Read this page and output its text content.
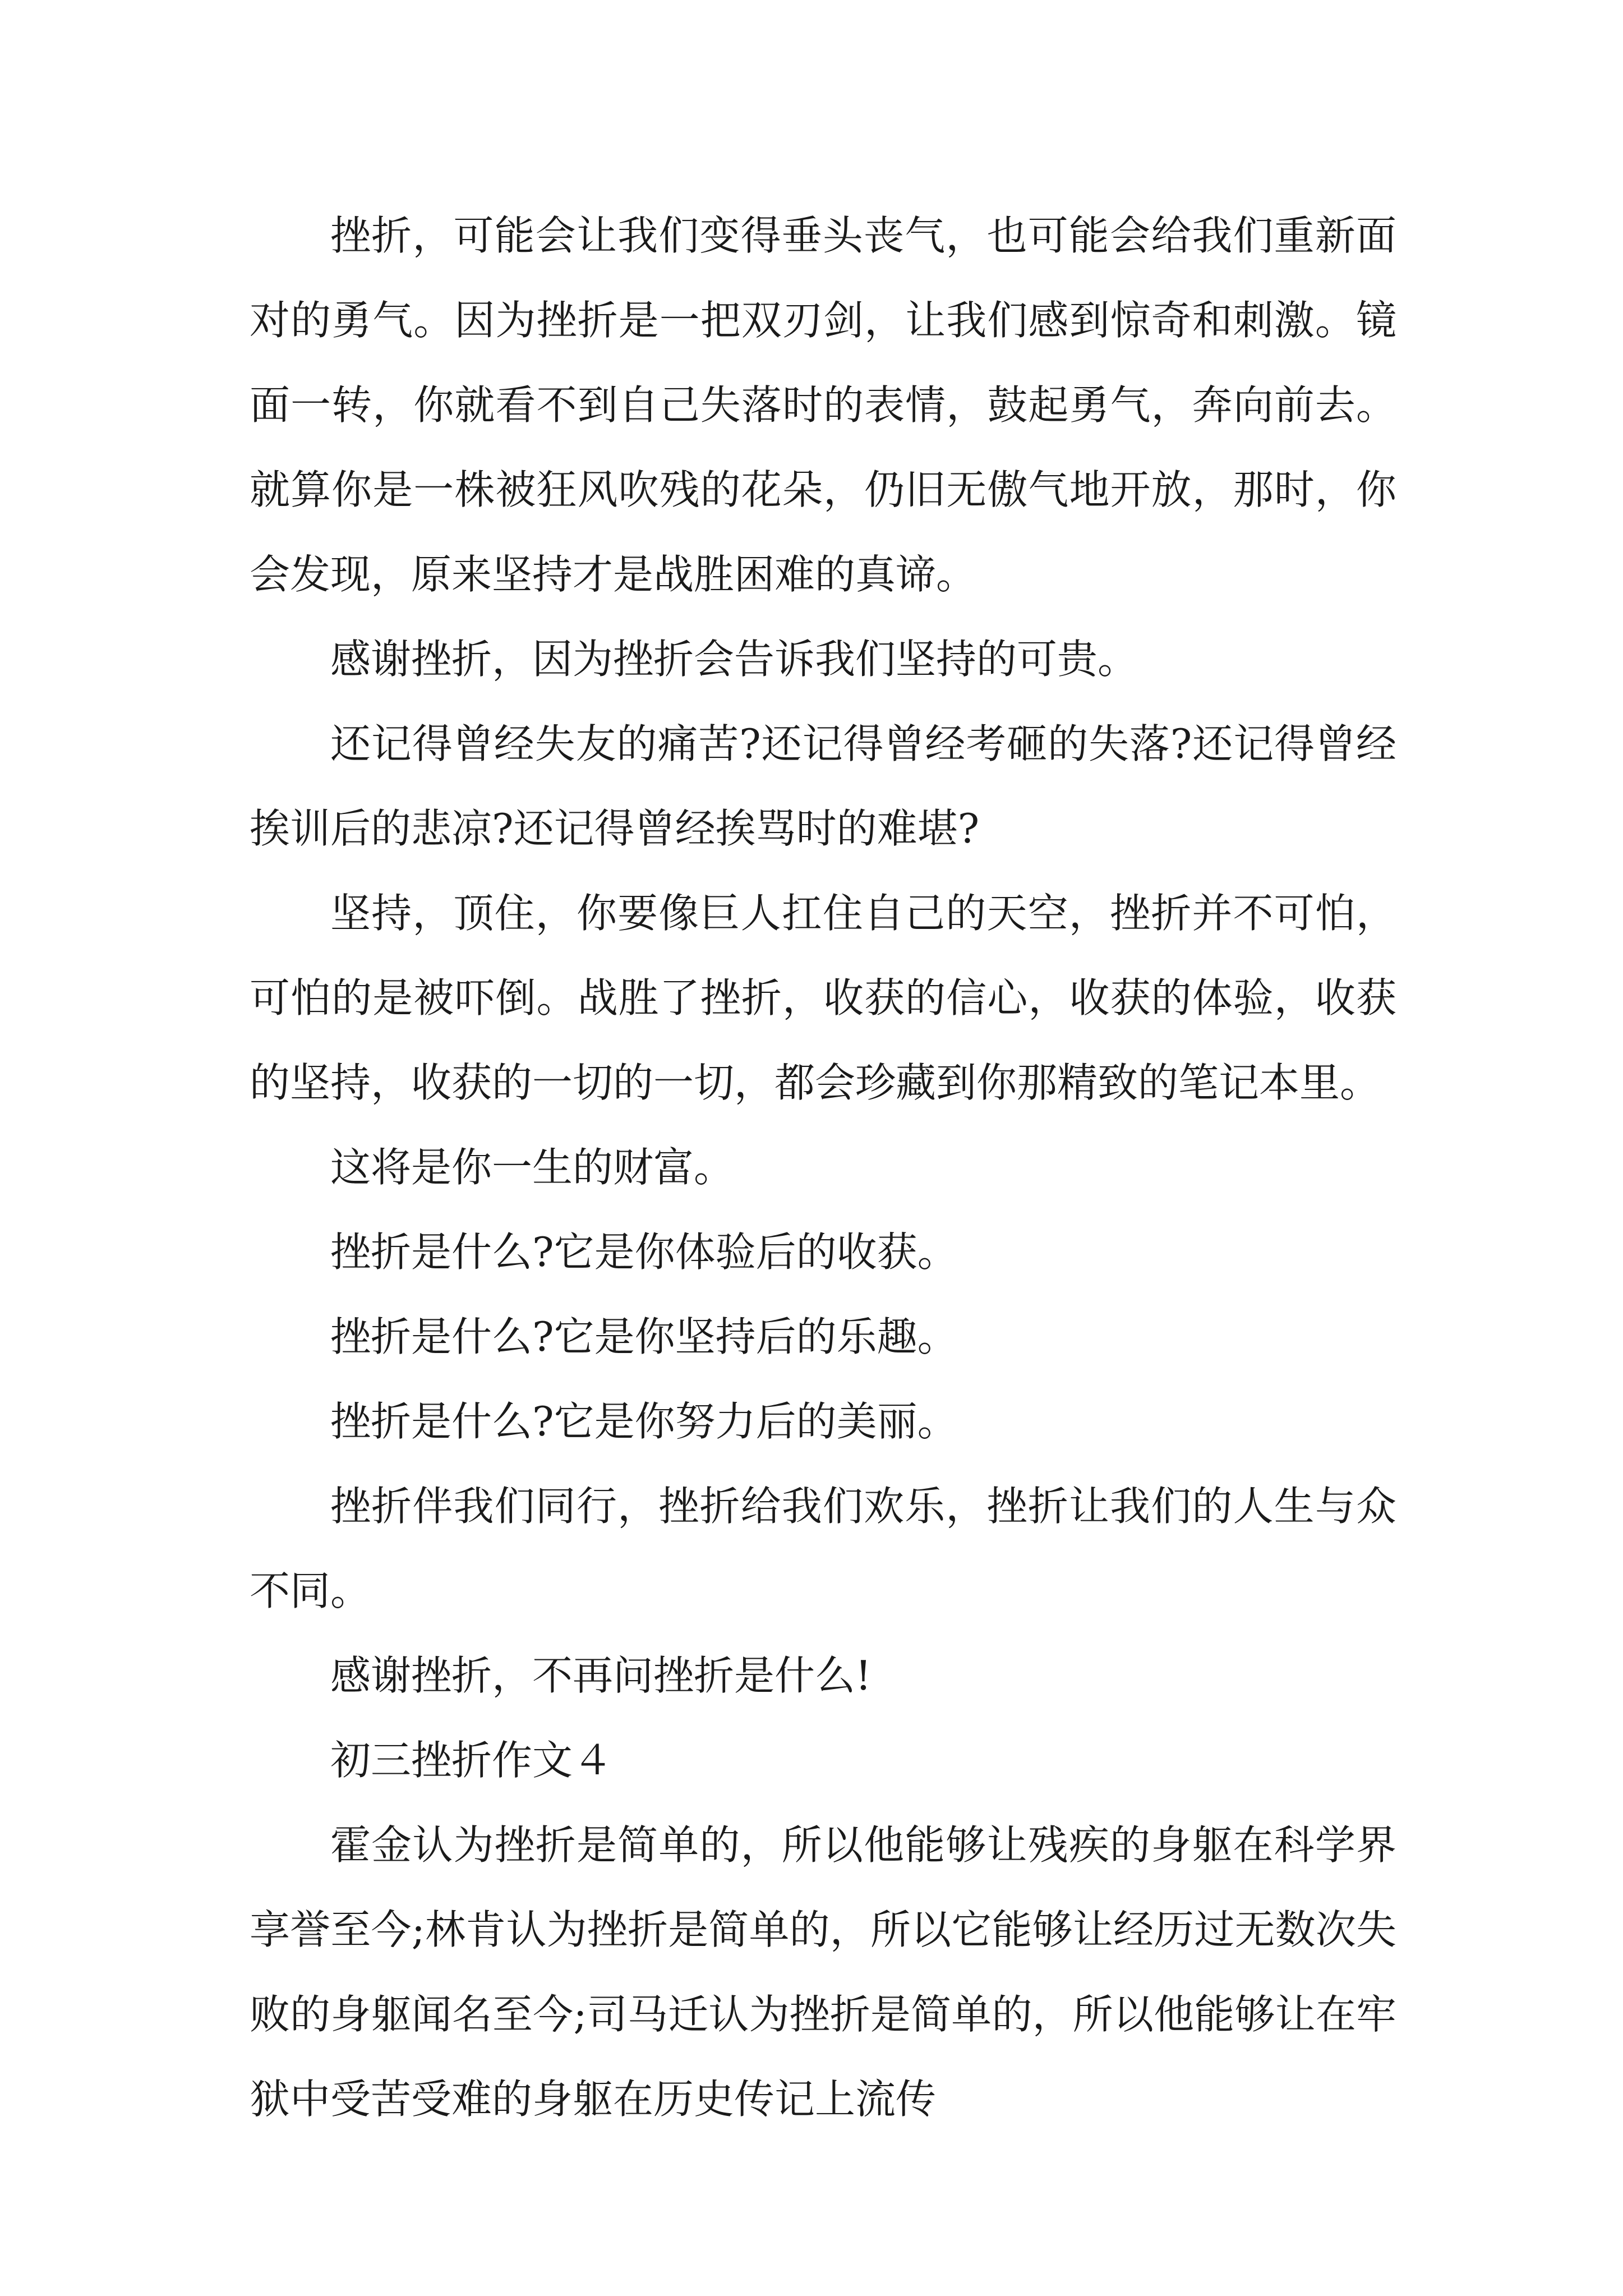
挫折，可能会让我们变得垂头丧气，也可能会给我们重新面对的勇气。因为挫折是一把双刃剑，让我们感到惊奇和刺激。镜面一转，你就看不到自己失落时的表情，鼓起勇气，奔向前去。就算你是一株被狂风吹残的花朵，仍旧无傲气地开放，那时，你会发现，原来坚持才是战胜困难的真谛。

感谢挫折，因为挫折会告诉我们坚持的可贵。

还记得曾经失友的痛苦?还记得曾经考砸的失落?还记得曾经挨训后的悲凉?还记得曾经挨骂时的难堪?

坚持，顶住，你要像巨人扛住自己的天空，挫折并不可怕，可怕的是被吓倒。战胜了挫折，收获的信心，收获的体验，收获的坚持，收获的一切的一切，都会珍藏到你那精致的笔记本里。

这将是你一生的财富。

挫折是什么?它是你体验后的收获。

挫折是什么?它是你坚持后的乐趣。

挫折是什么?它是你努力后的美丽。

挫折伴我们同行，挫折给我们欢乐，挫折让我们的人生与众不同。

感谢挫折，不再问挫折是什么!

初三挫折作文４

霍金认为挫折是简单的，所以他能够让残疾的身躯在科学界享誉至今;林肯认为挫折是简单的，所以它能够让经历过无数次失败的身躯闻名至今;司马迁认为挫折是简单的，所以他能够让在牢狱中受苦受难的身躯在历史传记上流传
